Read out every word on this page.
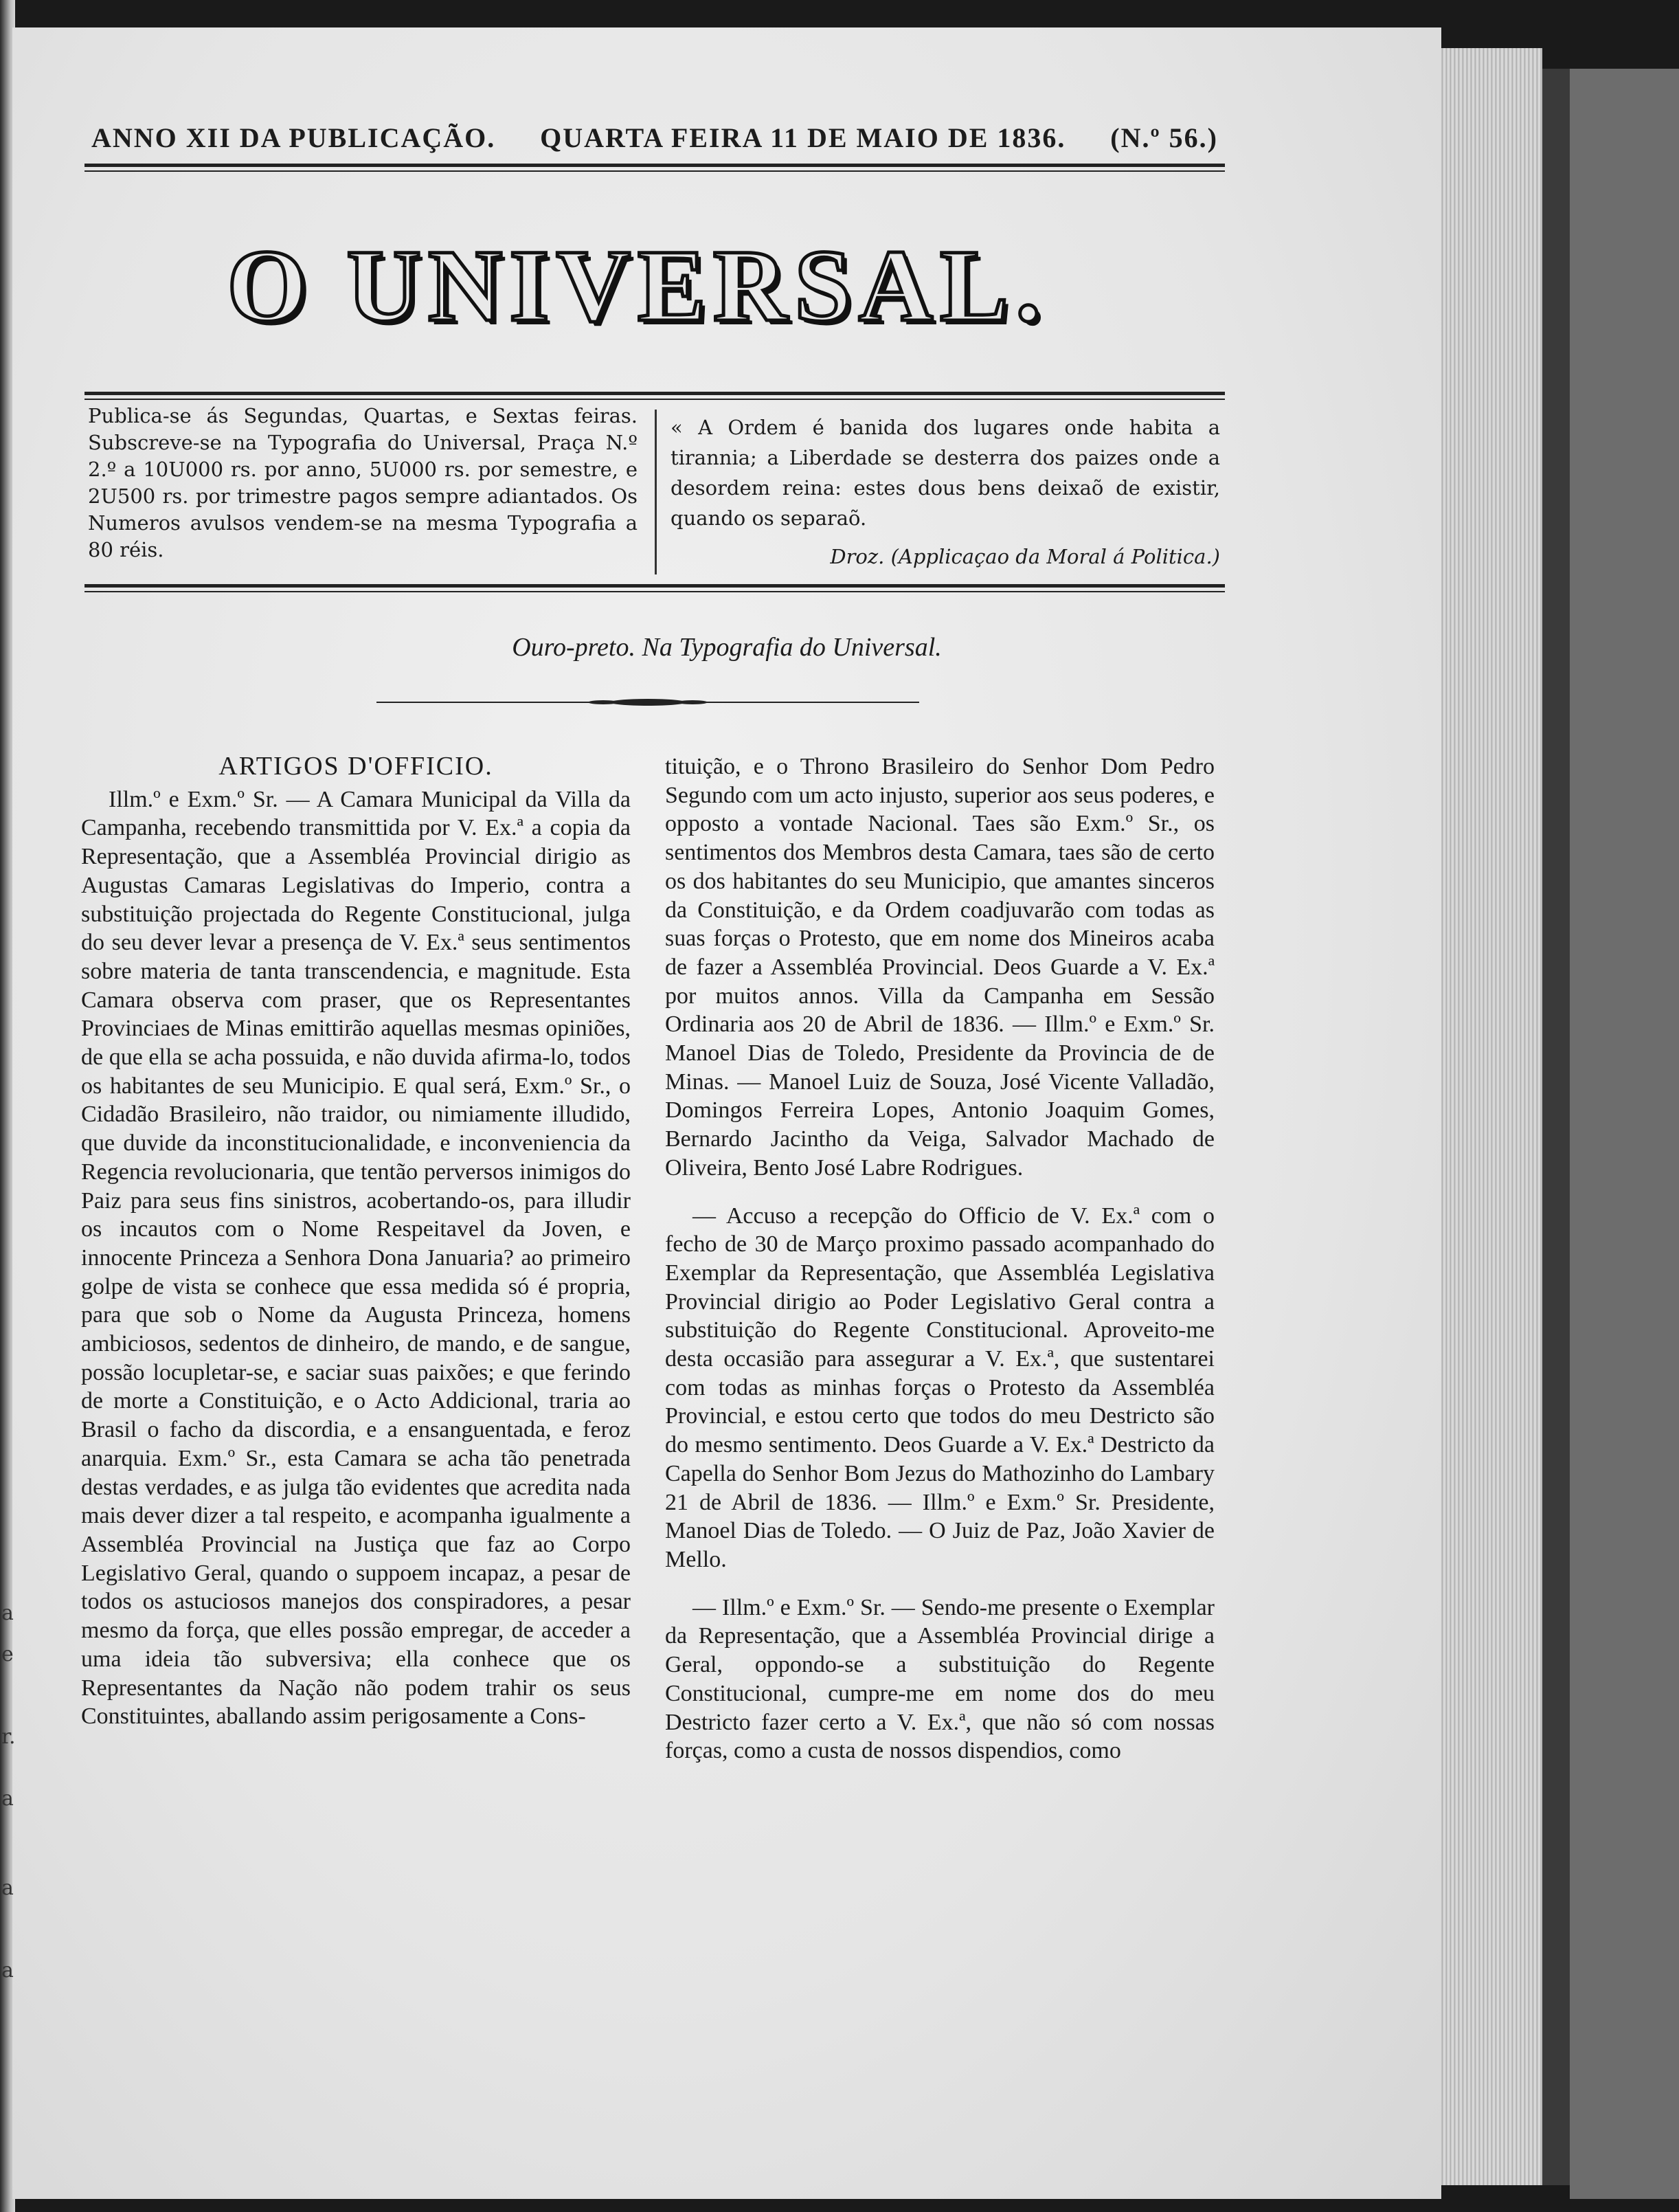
ANNO XII DA PUBLICAÇÃO. QUARTA FEIRA 11 DE MAIO DE 1836. (N.º 56.)
O UNIVERSAL.
Publica-se ás Segundas, Quartas, e Sextas feiras. Subscreve-se na Typografia do Universal, Praça N.º 2.º a 10U000 rs. por anno, 5U000 rs. por semestre, e 2U500 rs. por trimestre pagos sempre adiantados. Os Numeros avulsos vendem-se na mesma Typografia a 80 réis.
« A Ordem é banida dos lugares onde habita a tirannia; a Liberdade se desterra dos paizes onde a desordem reina: estes dous bens deixaõ de existir, quando os separaõ.
Droz. (Applicaçao da Moral á Politica.)
Ouro-preto. Na Typografia do Universal.
ARTIGOS D'OFFICIO.

Illm.º e Exm.º Sr. — A Camara Municipal da Villa da Campanha, recebendo transmittida por V. Ex.ª a copia da Representação, que a Assembléa Provincial dirigio as Augustas Camaras Legislativas do Imperio, contra a substituição projectada do Regente Constitucional, julga do seu dever levar a presença de V. Ex.ª seus sentimentos sobre materia de tanta transcendencia, e magnitude. Esta Camara observa com praser, que os Representantes Provinciaes de Minas emittirão aquellas mesmas opiniões, de que ella se acha possuida, e não duvida afirma-lo, todos os habitantes de seu Municipio. E qual será, Exm.º Sr., o Cidadão Brasileiro, não traidor, ou nimiamente illudido, que duvide da inconstitucionalidade, e inconveniencia da Regencia revolucionaria, que tentão perversos inimigos do Paiz para seus fins sinistros, acobertando-os, para illudir os incautos com o Nome Respeitavel da Joven, e innocente Princeza a Senhora Dona Januaria? ao primeiro golpe de vista se conhece que essa medida só é propria, para que sob o Nome da Augusta Princeza, homens ambiciosos, sedentos de dinheiro, de mando, e de sangue, possão locupletar-se, e saciar suas paixões; e que ferindo de morte a Constituição, e o Acto Addicional, traria ao Brasil o facho da discordia, e a ensanguentada, e feroz anarquia. Exm.º Sr., esta Camara se acha tão penetrada destas verdades, e as julga tão evidentes que acredita nada mais dever dizer a tal respeito, e acompanha igualmente a Assembléa Provincial na Justiça que faz ao Corpo Legislativo Geral, quando o suppoem incapaz, a pesar de todos os astuciosos manejos dos conspiradores, a pesar mesmo da força, que elles possão empregar, de acceder a uma ideia tão subversiva; ella conhece que os Representantes da Nação não podem trahir os seus Constituintes, aballando assim perigosamente a Cons-

tituição, e o Throno Brasileiro do Senhor Dom Pedro Segundo com um acto injusto, superior aos seus poderes, e opposto a vontade Nacional. Taes são Exm.º Sr., os sentimentos dos Membros desta Camara, taes são de certo os dos habitantes do seu Municipio, que amantes sinceros da Constituição, e da Ordem coadjuvarão com todas as suas forças o Protesto, que em nome dos Mineiros acaba de fazer a Assembléa Provincial. Deos Guarde a V. Ex.ª por muitos annos. Villa da Campanha em Sessão Ordinaria aos 20 de Abril de 1836. — Illm.º e Exm.º Sr. Manoel Dias de Toledo, Presidente da Provincia de de Minas. — Manoel Luiz de Souza, José Vicente Valladão, Domingos Ferreira Lopes, Antonio Joaquim Gomes, Bernardo Jacintho da Veiga, Salvador Machado de Oliveira, Bento José Labre Rodrigues.

— Accuso a recepção do Officio de V. Ex.ª com o fecho de 30 de Março proximo passado acompanhado do Exemplar da Representação, que Assembléa Legislativa Provincial dirigio ao Poder Legislativo Geral contra a substituição do Regente Constitucional. Aproveito-me desta occasião para assegurar a V. Ex.ª, que sustentarei com todas as minhas forças o Protesto da Assembléa Provincial, e estou certo que todos do meu Destricto são do mesmo sentimento. Deos Guarde a V. Ex.ª Destricto da Capella do Senhor Bom Jezus do Mathozinho do Lambary 21 de Abril de 1836. — Illm.º e Exm.º Sr. Presidente, Manoel Dias de Toledo. — O Juiz de Paz, João Xavier de Mello.

— Illm.º e Exm.º Sr. — Sendo-me presente o Exemplar da Representação, que a Assembléa Provincial dirige a Geral, oppondo-se a substituição do Regente Constitucional, cumpre-me em nome dos do meu Destricto fazer certo a V. Ex.ª, que não só com nossas forças, como a custa de nossos dispendios, como

a
e
r.
a
a
a
